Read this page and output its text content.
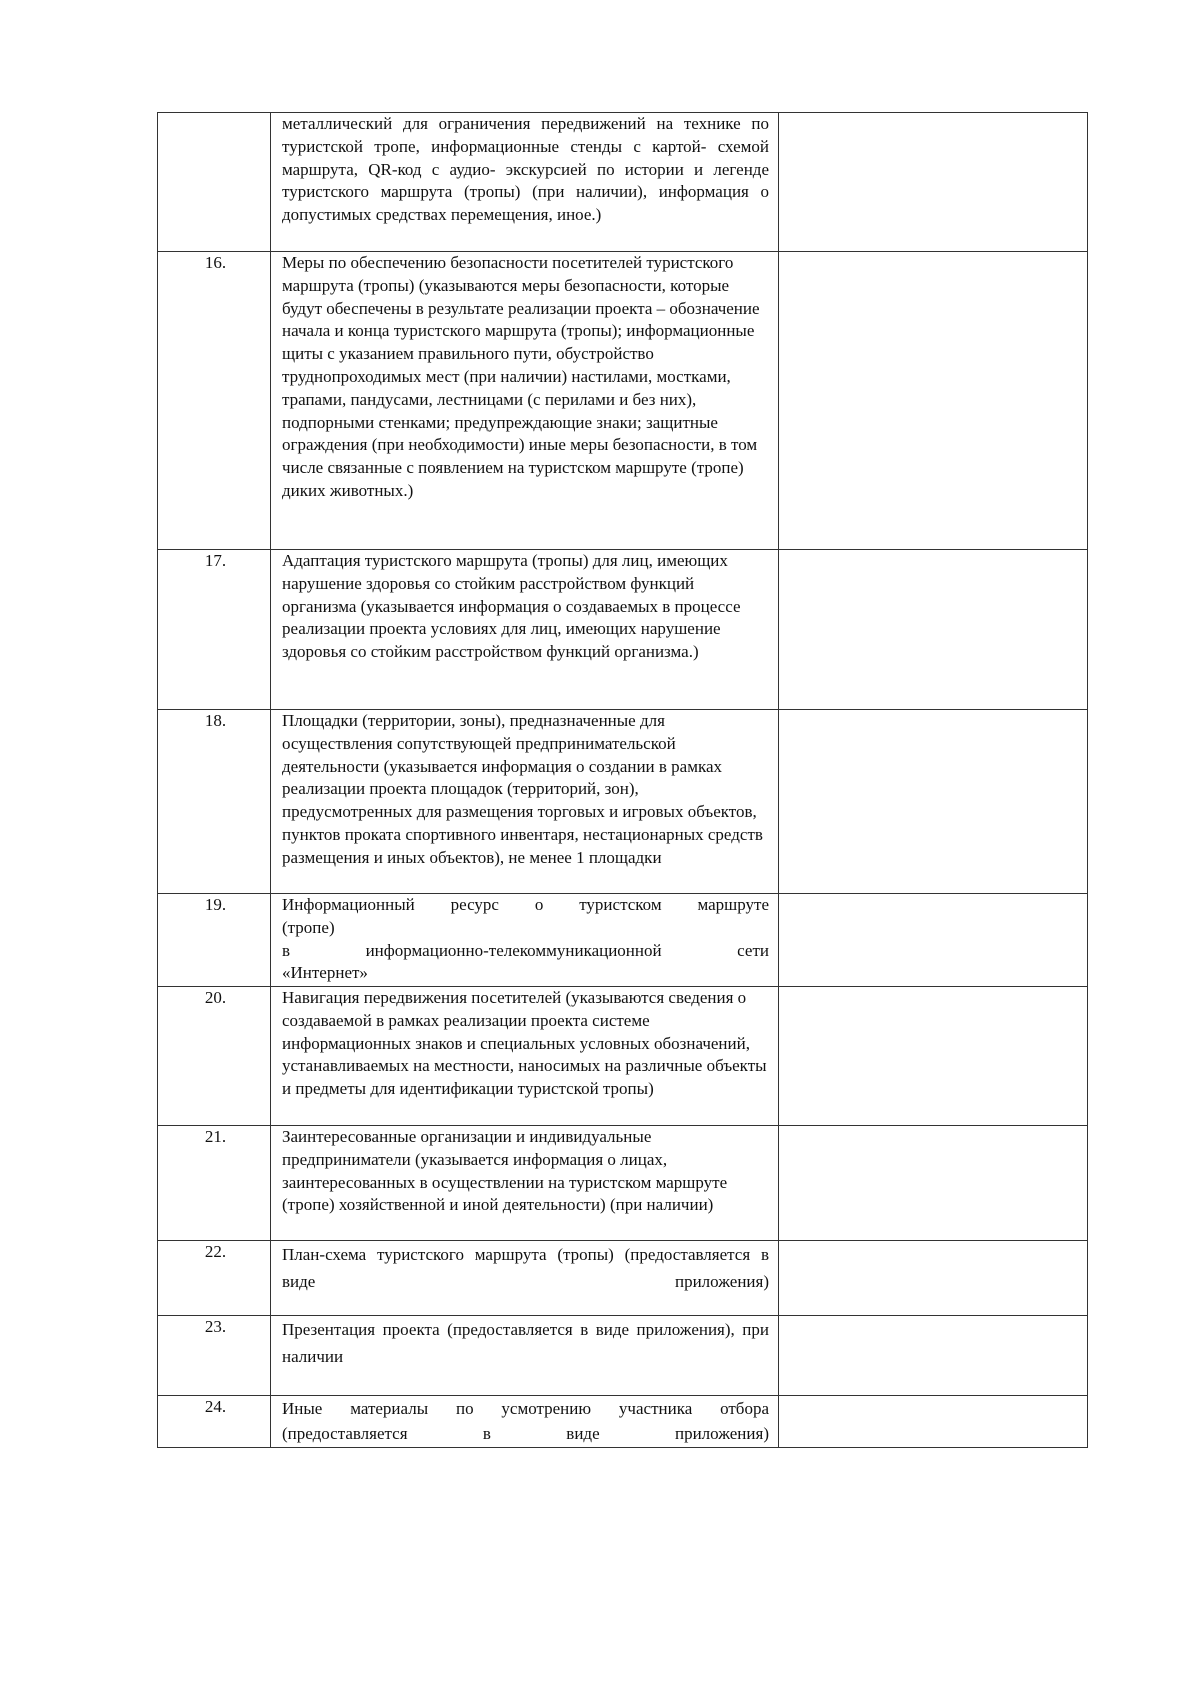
	металлический для ограничения передвижений на технике по туристской тропе, информационные стенды с картой- схемой маршрута, QR-код с аудио- экскурсией по истории и легенде туристского маршрута (тропы) (при наличии), информация о допустимых средствах перемещения, иное.)	

16.	Меры по обеспечению безопасности посетителей туристского маршрута (тропы) (указываются меры безопасности, которые будут обеспечены в результате реализации проекта – обозначение начала и конца туристского маршрута (тропы); информационные щиты с указанием правильного пути, обустройство труднопроходимых мест (при наличии) настилами, мостками, трапами, пандусами, лестницами (с перилами и без них), подпорными стенками; предупреждающие знаки; защитные ограждения (при необходимости) иные меры безопасности, в том числе связанные с появлением на туристском маршруте (тропе) диких животных.)	

17.	Адаптация туристского маршрута (тропы) для лиц, имеющих нарушение здоровья со стойким расстройством функций организма (указывается информация о создаваемых в процессе реализации проекта условиях для лиц, имеющих нарушение здоровья со стойким расстройством функций организма.)	

18.	Площадки (территории, зоны), предназначенные для осуществления сопутствующей предпринимательской деятельности (указывается информация о создании в рамках реализации проекта площадок (территорий, зон), предусмотренных для размещения торговых и игровых объектов, пунктов проката спортивного инвентаря, нестационарных средств размещения и иных объектов), не менее 1 площадки	

19.	Информационный ресурс о туристском маршруте
(тропе)
в информационно-телекоммуникационной сети
«Интернет»	

20.	Навигация передвижения посетителей (указываются сведения о создаваемой в рамках реализации проекта системе информационных знаков и специальных условных обозначений, устанавливаемых на местности, наносимых на различные объекты и предметы для идентификации туристской тропы)	

21.	Заинтересованные организации и индивидуальные предприниматели (указывается информация о лицах, заинтересованных в осуществлении на туристском маршруте (тропе) хозяйственной и иной деятельности) (при наличии)	

22.	План-схема туристского маршрута (тропы) (предоставляется в виде приложения)	

23.	Презентация проекта (предоставляется в виде приложения), при наличии	

24.	Иные материалы по усмотрению участника отбора (предоставляется в виде приложения)	
